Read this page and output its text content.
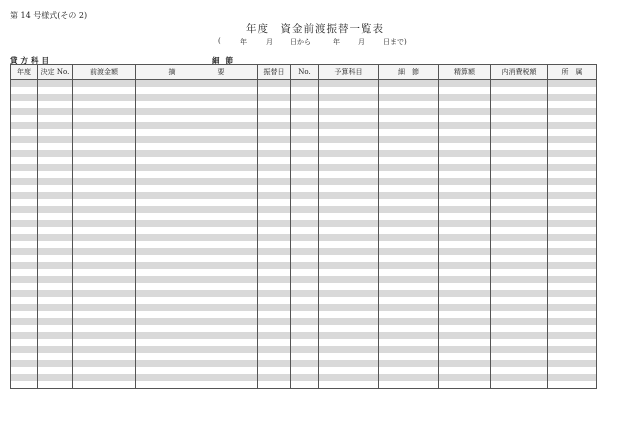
第 14 号様式(その 2)
年度　資金前渡振替一覧表
(	年	月 日から	年	月	日まで)
貸方科目	細節
年度	決定 No.	前渡金額	摘　　　　　　要	振替日	No.	予算科目	細　節	精算額	内消費税額	所　属
